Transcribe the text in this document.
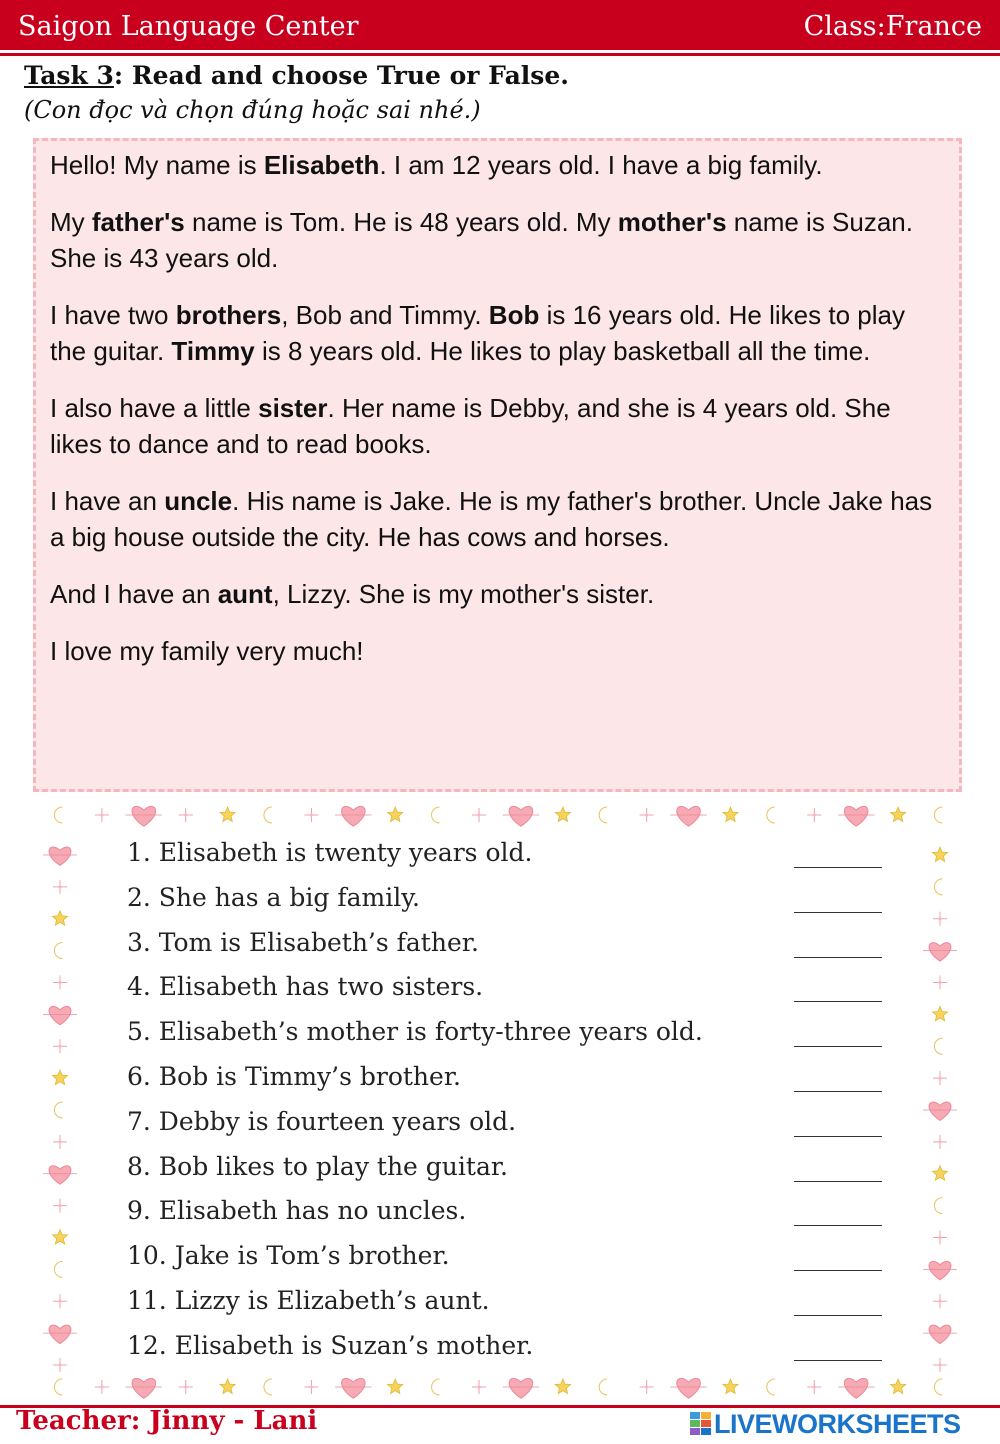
Saigon Language Center	Class:France
Task 3: Read and choose True or False.
(Con đọc và chọn đúng hoặc sai nhé.)

Hello! My name is Elisabeth. I am 12 years old. I have a big family.

My father's name is Tom. He is 48 years old. My mother's name is Suzan. She is 43 years old.

I have two brothers, Bob and Timmy. Bob is 16 years old. He likes to play the guitar. Timmy is 8 years old. He likes to play basketball all the time.

I also have a little sister. Her name is Debby, and she is 4 years old. She likes to dance and to read books.

I have an uncle. His name is Jake. He is my father's brother. Uncle Jake has a big house outside the city. He has cows and horses.

And I have an aunt, Lizzy. She is my mother's sister.

I love my family very much!

1. Elisabeth is twenty years old.
2. She has a big family.
3. Tom is Elisabeth’s father.
4. Elisabeth has two sisters.
5. Elisabeth’s mother is forty-three years old.
6. Bob is Timmy’s brother.
7. Debby is fourteen years old.
8. Bob likes to play the guitar.
9. Elisabeth has no uncles.
10. Jake is Tom’s brother.
11. Lizzy is Elizabeth’s aunt.
12. Elisabeth is Suzan’s mother.
Teacher: Jinny - Lani	LIVEWORKSHEETS
